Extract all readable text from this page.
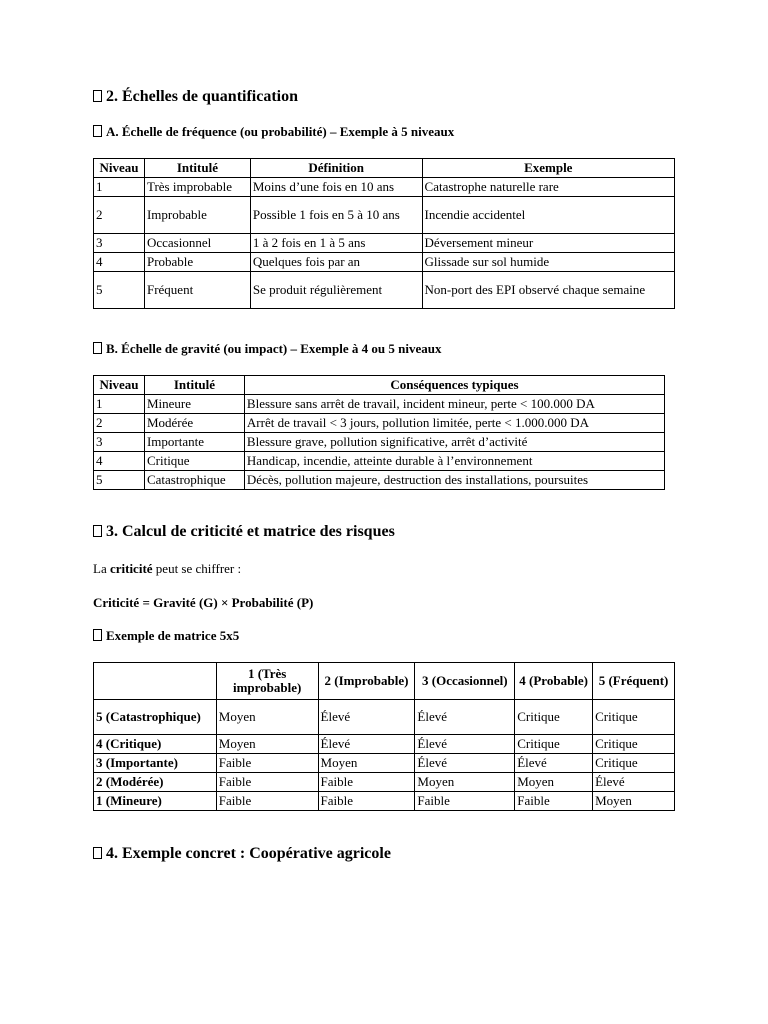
2. Échelles de quantification
A. Échelle de fréquence (ou probabilité) – Exemple à 5 niveaux
Niveau	Intitulé	Définition	Exemple
1	Très improbable	Moins d’une fois en 10 ans	Catastrophe naturelle rare
2	Improbable	Possible 1 fois en 5 à 10 ans	Incendie accidentel
3	Occasionnel	1 à 2 fois en 1 à 5 ans	Déversement mineur
4	Probable	Quelques fois par an	Glissade sur sol humide
5	Fréquent	Se produit régulièrement	Non-port des EPI observé chaque semaine
B. Échelle de gravité (ou impact) – Exemple à 4 ou 5 niveaux
Niveau	Intitulé	Conséquences typiques
1	Mineure	Blessure sans arrêt de travail, incident mineur, perte < 100.000 DA
2	Modérée	Arrêt de travail < 3 jours, pollution limitée, perte < 1.000.000 DA
3	Importante	Blessure grave, pollution significative, arrêt d’activité
4	Critique	Handicap, incendie, atteinte durable à l’environnement
5	Catastrophique	Décès, pollution majeure, destruction des installations, poursuites
3. Calcul de criticité et matrice des risques

La criticité peut se chiffrer :

Criticité = Gravité (G) × Probabilité (P)

Exemple de matrice 5x5
	1 (Très improbable)	2 (Improbable)	3 (Occasionnel)	4 (Probable)	5 (Fréquent)
5 (Catastrophique)	Moyen	Élevé	Élevé	Critique	Critique
4 (Critique)	Moyen	Élevé	Élevé	Critique	Critique
3 (Importante)	Faible	Moyen	Élevé	Élevé	Critique
2 (Modérée)	Faible	Faible	Moyen	Moyen	Élevé
1 (Mineure)	Faible	Faible	Faible	Faible	Moyen
4. Exemple concret : Coopérative agricole
